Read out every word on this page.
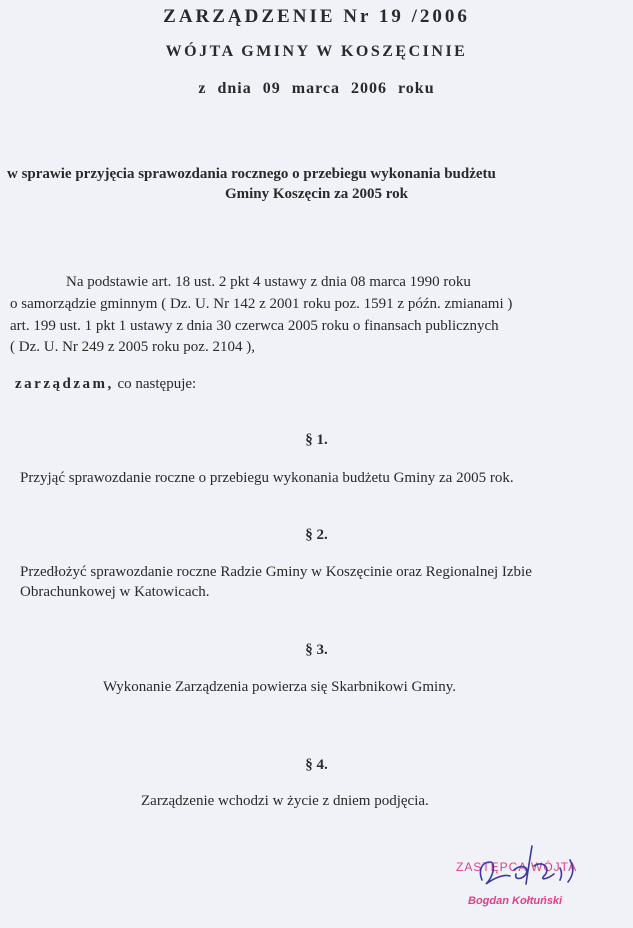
ZARZĄDZENIE Nr 19 /2006
WÓJTA GMINY W KOSZĘCINIE
z dnia 09 marca 2006 roku
w sprawie przyjęcia sprawozdania rocznego o przebiegu wykonania budżetu
Gminy Koszęcin za 2005 rok
Na podstawie art. 18 ust. 2 pkt 4 ustawy z dnia 08 marca 1990 roku
o samorządzie gminnym ( Dz. U. Nr 142 z 2001 roku poz. 1591 z późn. zmianami )
art. 199 ust. 1 pkt 1 ustawy z dnia 30 czerwca 2005 roku o finansach publicznych
( Dz. U. Nr 249 z 2005 roku poz. 2104 ),
zarządzam, co następuje:
§ 1.
Przyjąć sprawozdanie roczne o przebiegu wykonania budżetu Gminy za 2005 rok.
§ 2.
Przedłożyć sprawozdanie roczne Radzie Gminy w Koszęcinie oraz Regionalnej Izbie
Obrachunkowej w Katowicach.
§ 3.
Wykonanie Zarządzenia powierza się Skarbnikowi Gminy.
§ 4.
Zarządzenie wchodzi w życie z dniem podjęcia.
ZASTĘPCA WÓJTA
Bogdan Kołtuński
